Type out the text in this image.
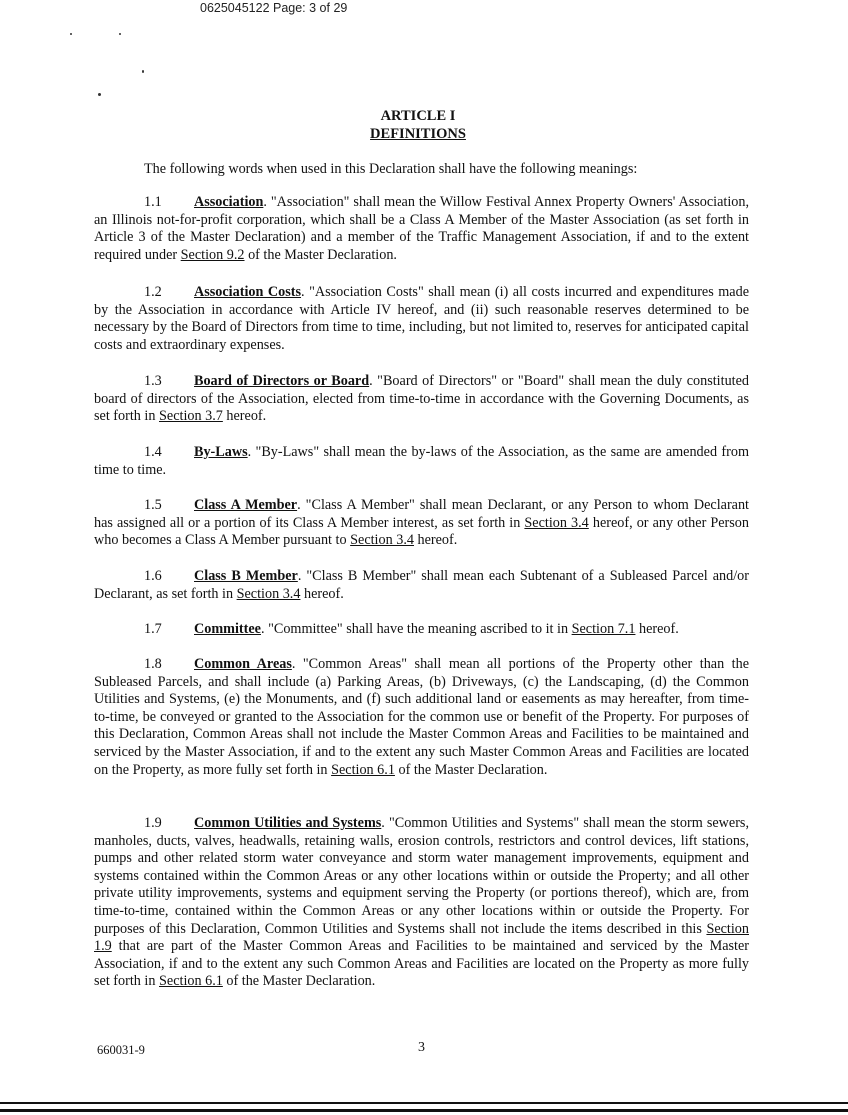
0625045122 Page: 3 of 29
ARTICLE I
DEFINITIONS
The following words when used in this Declaration shall have the following meanings:
1.1 Association. "Association" shall mean the Willow Festival Annex Property Owners' Association, an Illinois not-for-profit corporation, which shall be a Class A Member of the Master Association (as set forth in Article 3 of the Master Declaration) and a member of the Traffic Management Association, if and to the extent required under Section 9.2 of the Master Declaration.
1.2 Association Costs. "Association Costs" shall mean (i) all costs incurred and expenditures made by the Association in accordance with Article IV hereof, and (ii) such reasonable reserves determined to be necessary by the Board of Directors from time to time, including, but not limited to, reserves for anticipated capital costs and extraordinary expenses.
1.3 Board of Directors or Board. "Board of Directors" or "Board" shall mean the duly constituted board of directors of the Association, elected from time-to-time in accordance with the Governing Documents, as set forth in Section 3.7 hereof.
1.4 By-Laws. "By-Laws" shall mean the by-laws of the Association, as the same are amended from time to time.
1.5 Class A Member. "Class A Member" shall mean Declarant, or any Person to whom Declarant has assigned all or a portion of its Class A Member interest, as set forth in Section 3.4 hereof, or any other Person who becomes a Class A Member pursuant to Section 3.4 hereof.
1.6 Class B Member. "Class B Member" shall mean each Subtenant of a Subleased Parcel and/or Declarant, as set forth in Section 3.4 hereof.
1.7 Committee. "Committee" shall have the meaning ascribed to it in Section 7.1 hereof.
1.8 Common Areas. "Common Areas" shall mean all portions of the Property other than the Subleased Parcels, and shall include (a) Parking Areas, (b) Driveways, (c) the Landscaping, (d) the Common Utilities and Systems, (e) the Monuments, and (f) such additional land or easements as may hereafter, from time-to-time, be conveyed or granted to the Association for the common use or benefit of the Property. For purposes of this Declaration, Common Areas shall not include the Master Common Areas and Facilities to be maintained and serviced by the Master Association, if and to the extent any such Master Common Areas and Facilities are located on the Property, as more fully set forth in Section 6.1 of the Master Declaration.
1.9 Common Utilities and Systems. "Common Utilities and Systems" shall mean the storm sewers, manholes, ducts, valves, headwalls, retaining walls, erosion controls, restrictors and control devices, lift stations, pumps and other related storm water conveyance and storm water management improvements, equipment and systems contained within the Common Areas or any other locations within or outside the Property; and all other private utility improvements, systems and equipment serving the Property (or portions thereof), which are, from time-to-time, contained within the Common Areas or any other locations within or outside the Property. For purposes of this Declaration, Common Utilities and Systems shall not include the items described in this Section 1.9 that are part of the Master Common Areas and Facilities to be maintained and serviced by the Master Association, if and to the extent any such Common Areas and Facilities are located on the Property as more fully set forth in Section 6.1 of the Master Declaration.
660031-9	3
